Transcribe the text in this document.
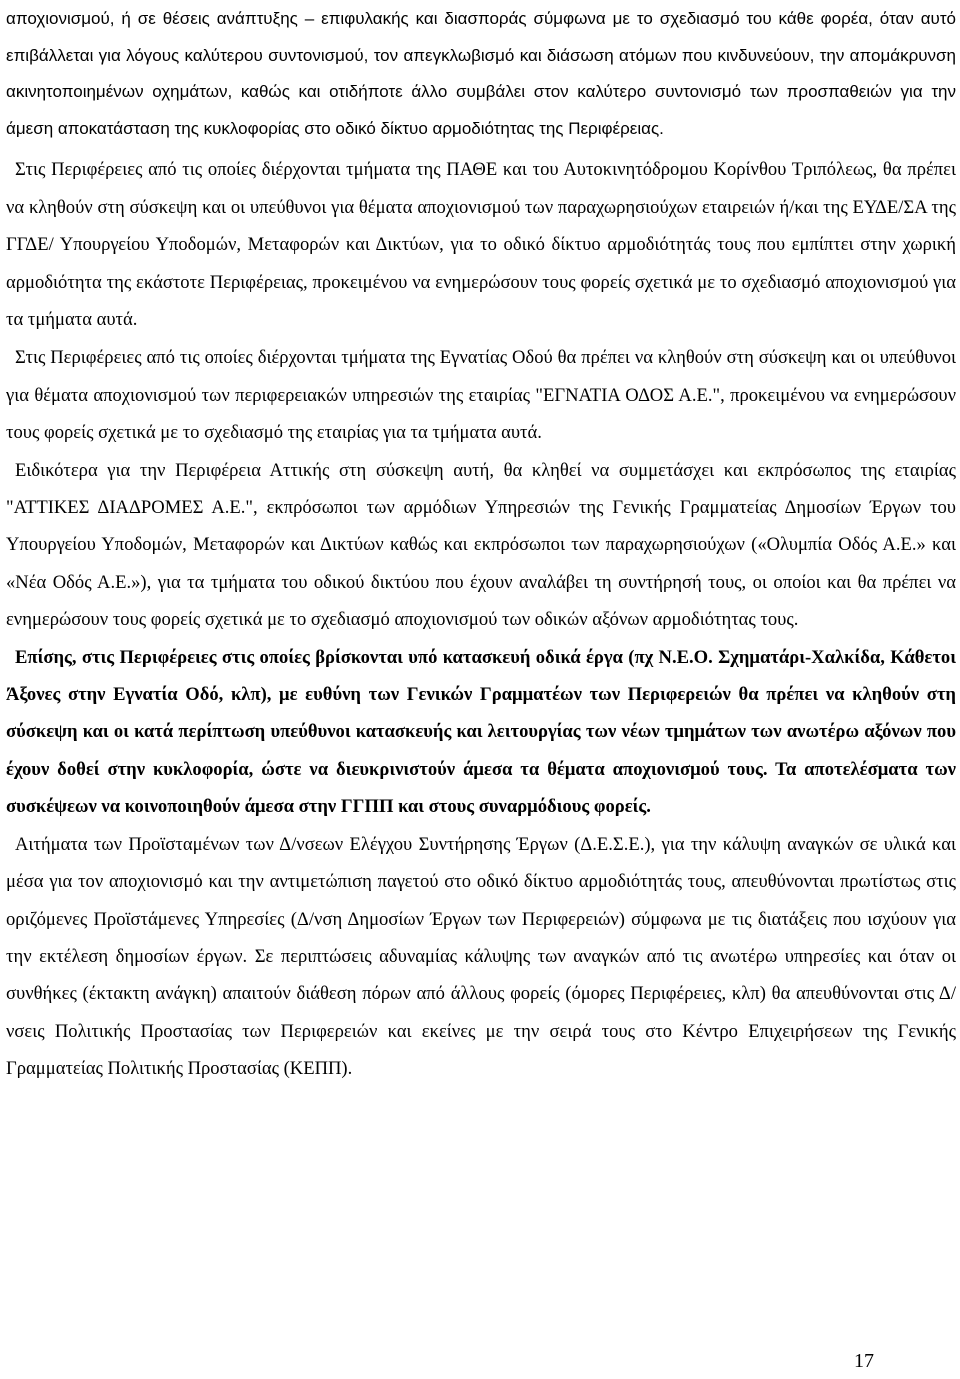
αποχιονισμού, ή σε θέσεις ανάπτυξης – επιφυλακής και διασποράς σύμφωνα με το σχεδιασμό του κάθε φορέα, όταν αυτό επιβάλλεται για λόγους καλύτερου συντονισμού, τον απεγκλωβισμό και διάσωση ατόμων που κινδυνεύουν, την απομάκρυνση ακινητοποιημένων οχημάτων, καθώς και οτιδήποτε άλλο συμβάλει στον καλύτερο συντονισμό των προσπαθειών για την άμεση αποκατάσταση της κυκλοφορίας στο οδικό δίκτυο αρμοδιότητας της Περιφέρειας.

Στις Περιφέρειες από τις οποίες διέρχονται τμήματα της ΠΑΘΕ και του Αυτοκινητόδρομου Κορίνθου Τριπόλεως, θα πρέπει να κληθούν στη σύσκεψη και οι υπεύθυνοι για θέματα αποχιονισμού των παραχωρησιούχων εταιρειών ή/και της ΕΥΔΕ/ΣΑ της ΓΓΔΕ/ Υπουργείου Υποδομών, Μεταφορών και Δικτύων, για το οδικό δίκτυο αρμοδιότητάς τους που εμπίπτει στην χωρική αρμοδιότητα της εκάστοτε Περιφέρειας, προκειμένου να ενημερώσουν τους φορείς σχετικά με το σχεδιασμό αποχιονισμού για τα τμήματα αυτά.

Στις Περιφέρειες από τις οποίες διέρχονται τμήματα της Εγνατίας Οδού θα πρέπει να κληθούν στη σύσκεψη και οι υπεύθυνοι για θέματα αποχιονισμού των περιφερειακών υπηρεσιών της εταιρίας "ΕΓΝΑΤΙΑ ΟΔΟΣ Α.Ε.", προκειμένου να ενημερώσουν τους φορείς σχετικά με το σχεδιασμό της εταιρίας για τα τμήματα αυτά.

Ειδικότερα για την Περιφέρεια Αττικής στη σύσκεψη αυτή, θα κληθεί να συμμετάσχει και εκπρόσωπος της εταιρίας "ΑΤΤΙΚΕΣ ΔΙΑΔΡΟΜΕΣ Α.Ε.", εκπρόσωποι των αρμόδιων Υπηρεσιών της Γενικής Γραμματείας Δημοσίων Έργων του Υπουργείου Υποδομών, Μεταφορών και Δικτύων καθώς και εκπρόσωποι των παραχωρησιούχων («Ολυμπία Οδός Α.Ε.» και «Νέα Οδός Α.Ε.»), για τα τμήματα του οδικού δικτύου που έχουν αναλάβει τη συντήρησή τους, οι οποίοι και θα πρέπει να ενημερώσουν τους φορείς σχετικά με το σχεδιασμό αποχιονισμού των οδικών αξόνων αρμοδιότητας τους.

Επίσης, στις Περιφέρειες στις οποίες βρίσκονται υπό κατασκευή οδικά έργα (πχ Ν.Ε.Ο. Σχηματάρι-Χαλκίδα, Κάθετοι Άξονες στην Εγνατία Οδό, κλπ), με ευθύνη των Γενικών Γραμματέων των Περιφερειών θα πρέπει να κληθούν στη σύσκεψη και οι κατά περίπτωση υπεύθυνοι κατασκευής και λειτουργίας των νέων τμημάτων των ανωτέρω αξόνων που έχουν δοθεί στην κυκλοφορία, ώστε να διευκρινιστούν άμεσα τα θέματα αποχιονισμού τους. Τα αποτελέσματα των συσκέψεων να κοινοποιηθούν άμεσα στην ΓΓΠΠ και στους συναρμόδιους φορείς.

Αιτήματα των Προϊσταμένων των Δ/νσεων Ελέγχου Συντήρησης Έργων (Δ.Ε.Σ.Ε.), για την κάλυψη αναγκών σε υλικά και μέσα για τον αποχιονισμό και την αντιμετώπιση παγετού στο οδικό δίκτυο αρμοδιότητάς τους, απευθύνονται πρωτίστως στις οριζόμενες Προϊστάμενες Υπηρεσίες (Δ/νση Δημοσίων Έργων των Περιφερειών) σύμφωνα με τις διατάξεις που ισχύουν για την εκτέλεση δημοσίων έργων. Σε περιπτώσεις αδυναμίας κάλυψης των αναγκών από τις ανωτέρω υπηρεσίες και όταν οι συνθήκες (έκτακτη ανάγκη) απαιτούν διάθεση πόρων από άλλους φορείς (όμορες Περιφέρειες, κλπ) θα απευθύνονται στις Δ/νσεις Πολιτικής Προστασίας των Περιφερειών και εκείνες με την σειρά τους στο Κέντρο Επιχειρήσεων της Γενικής Γραμματείας Πολιτικής Προστασίας (ΚΕΠΠ).

17
